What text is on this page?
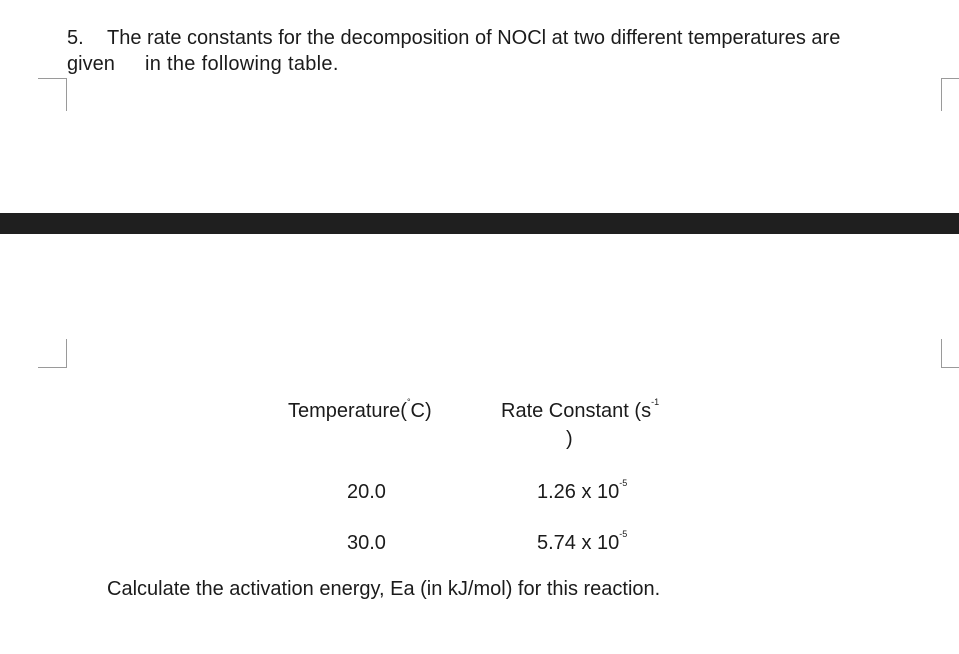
5. The rate constants for the decomposition of NOCl at two different temperatures are
given in the following table.
Temperature(°C)	Rate Constant ($s^{-1}$
)
20.0	1.26 x $10^{-5}$
30.0	5.74 x $10^{-5}$
Calculate the activation energy, Ea (in kJ/mol) for this reaction.
